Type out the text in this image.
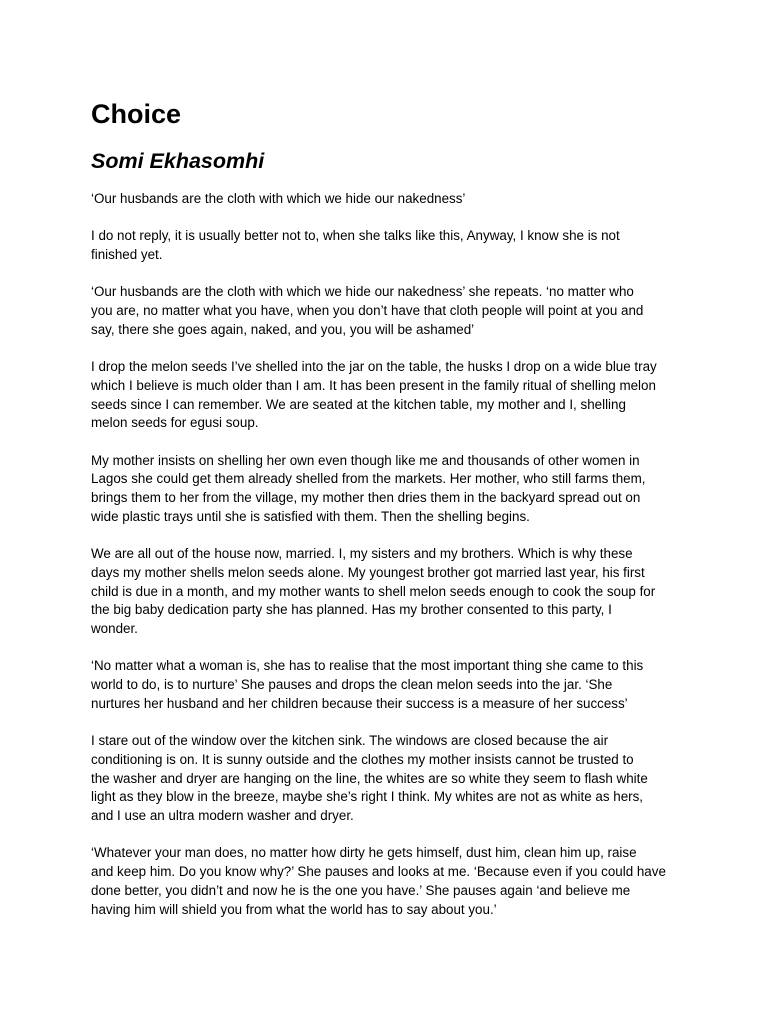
Choice
Somi Ekhasomhi

‘Our husbands are the cloth with which we hide our nakedness’

I do not reply, it is usually better not to, when she talks like this, Anyway, I know she is not
finished yet.

‘Our husbands are the cloth with which we hide our nakedness’ she repeats. ‘no matter who
you are, no matter what you have, when you don’t have that cloth people will point at you and
say, there she goes again, naked, and you, you will be ashamed’

I drop the melon seeds I’ve shelled into the jar on the table, the husks I drop on a wide blue tray
which I believe is much older than I am. It has been present in the family ritual of shelling melon
seeds since I can remember. We are seated at the kitchen table, my mother and I, shelling
melon seeds for egusi soup.

My mother insists on shelling her own even though like me and thousands of other women in
Lagos she could get them already shelled from the markets. Her mother, who still farms them,
brings them to her from the village, my mother then dries them in the backyard spread out on
wide plastic trays until she is satisfied with them. Then the shelling begins.

We are all out of the house now, married. I, my sisters and my brothers. Which is why these
days my mother shells melon seeds alone. My youngest brother got married last year, his first
child is due in a month, and my mother wants to shell melon seeds enough to cook the soup for
the big baby dedication party she has planned. Has my brother consented to this party, I
wonder.

‘No matter what a woman is, she has to realise that the most important thing she came to this
world to do, is to nurture’ She pauses and drops the clean melon seeds into the jar. ‘She
nurtures her husband and her children because their success is a measure of her success’

I stare out of the window over the kitchen sink. The windows are closed because the air
conditioning is on. It is sunny outside and the clothes my mother insists cannot be trusted to
the washer and dryer are hanging on the line, the whites are so white they seem to flash white
light as they blow in the breeze, maybe she’s right I think. My whites are not as white as hers,
and I use an ultra modern washer and dryer.

‘Whatever your man does, no matter how dirty he gets himself, dust him, clean him up, raise
and keep him. Do you know why?’ She pauses and looks at me. ‘Because even if you could have
done better, you didn’t and now he is the one you have.’ She pauses again ‘and believe me
having him will shield you from what the world has to say about you.’
